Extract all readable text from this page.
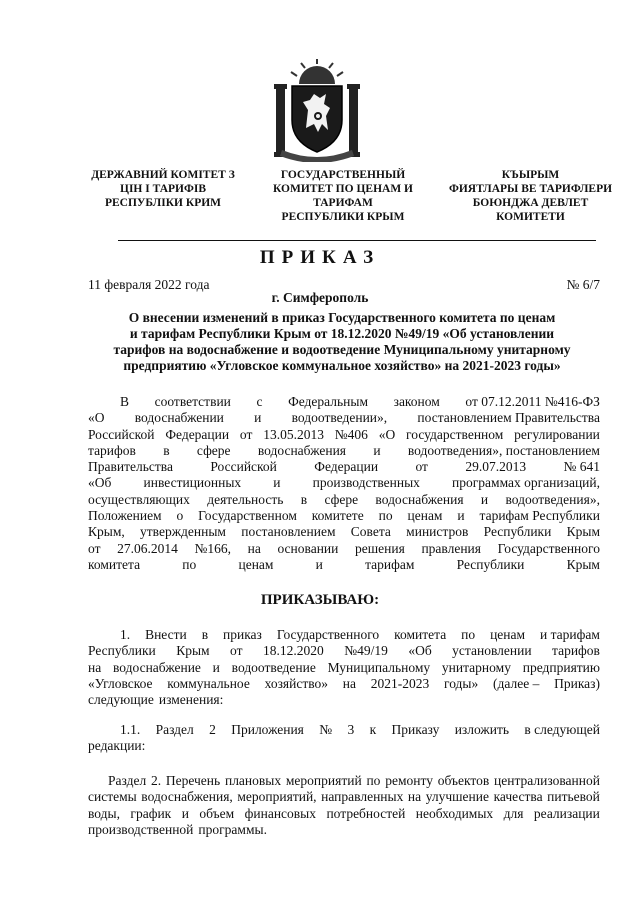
ДЕРЖАВНИЙ КОМІТЕТ З
ЦІН І ТАРИФІВ
РЕСПУБЛІКИ КРИМ
ГОСУДАРСТВЕННЫЙ
КОМИТЕТ ПО ЦЕНАМ И
ТАРИФАМ
РЕСПУБЛИКИ КРЫМ
КЪЫРЫМ
ФИЯТЛАРЫ ВЕ ТАРИФЛЕРИ
БОЮНДЖА ДЕВЛЕТ
КОМИТЕТИ
ПРИКАЗ
11 февраля 2022 года	№ 6/7
г. Симферополь
О внесении изменений в приказ Государственного комитета по ценам
и тарифам Республики Крым от 18.12.2020 №49/19 «Об установлении
тарифов на водоснабжение и водоотведение Муниципальному унитарному
предприятию «Угловское коммунальное хозяйство» на 2021-2023 годы»
В соответствии с Федеральным законом от 07.12.2011 №416-ФЗ
«О водоснабжении и водоотведении», постановлением Правительства
Российской Федерации от 13.05.2013 №406 «О государственном регулировании
тарифов в сфере водоснабжения и водоотведения», постановлением
Правительства	Российской	Федерации	от	29.07.2013	№ 641
«Об инвестиционных и производственных программах организаций,
осуществляющих деятельность в сфере водоснабжения и водоотведения»,
Положением о Государственном комитете по ценам и тарифам Республики
Крым, утвержденным постановлением Совета министров Республики Крым
от 27.06.2014 №166, на основании решения правления Государственного
комитета	по	ценам	и	тарифам	Республики	Крым
ПРИКАЗЫВАЮ:
1. Внести в приказ Государственного комитета по ценам и тарифам
Республики Крым от 18.12.2020 №49/19 «Об установлении тарифов
на водоснабжение и водоотведение Муниципальному унитарному предприятию
«Угловское коммунальное хозяйство» на 2021-2023 годы» (далее – Приказ)
следующие изменения:
1.1. Раздел 2 Приложения № 3 к Приказу изложить в следующей
редакции:
Раздел 2. Перечень плановых мероприятий по ремонту объектов централизованной
системы водоснабжения, мероприятий, направленных на улучшение качества питьевой
воды, график и объем финансовых потребностей необходимых для реализации
производственной программы.
